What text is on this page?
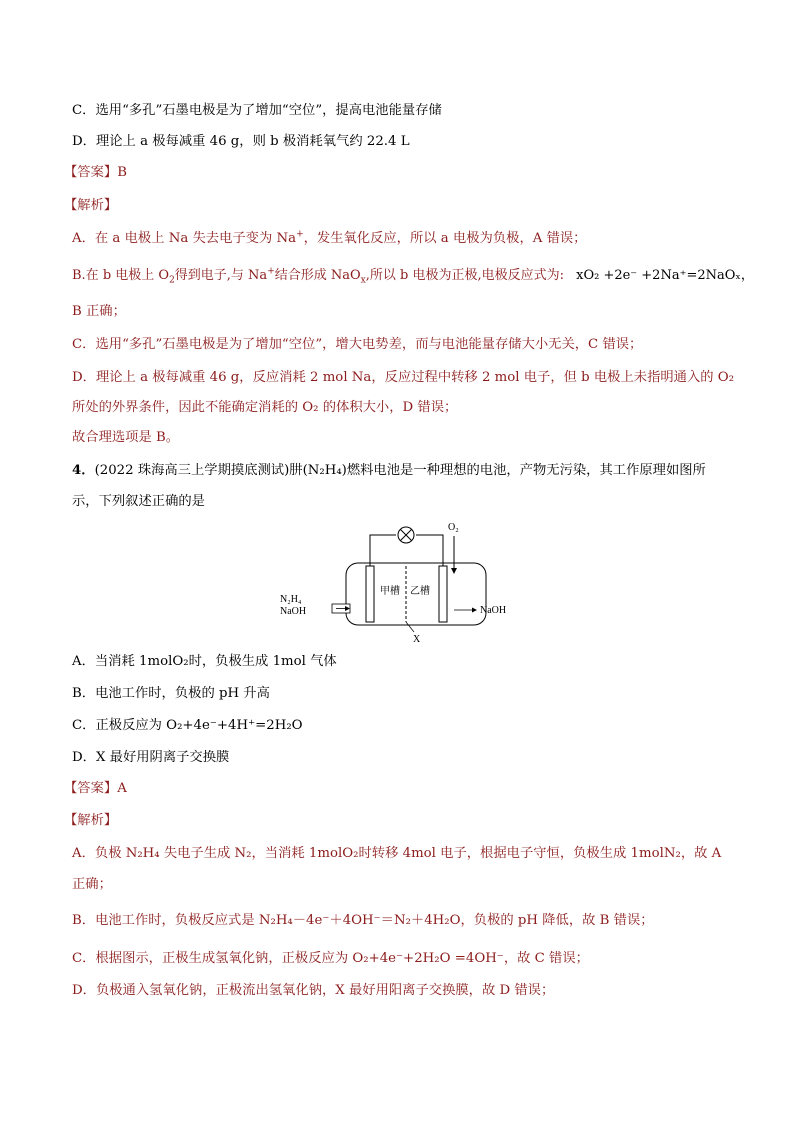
C．选用“多孔”石墨电极是为了增加“空位”，提高电池能量存储
D．理论上 a 极每减重 46 g，则 b 极消耗氧气约 22.4 L
【答案】B
【解析】
A．在 a 电极上 Na 失去电子变为 Na+，发生氧化反应，所以 a 电极为负极，A 错误；
B.在 b 电极上 $O_2$得到电子,与 Na+结合形成 NaO$_x$,所以 b 电极为正极,电极反应式为: xO₂ +2e⁻ +2Na⁺=2NaOₓ，
B 正确；
C．选用“多孔”石墨电极是为了增加“空位”，增大电势差，而与电池能量存储大小无关，C 错误；
D．理论上 a 极每减重 46 g，反应消耗 2 mol Na，反应过程中转移 2 mol 电子，但 b 电极上未指明通入的 O₂
所处的外界条件，因此不能确定消耗的 O₂ 的体积大小，D 错误；
故合理选项是 B。
4．(2022 珠海高三上学期摸底测试)肼(N₂H₄)燃料电池是一种理想的电池，产物无污染，其工作原理如图所
示，下列叙述正确的是
O₂
N₂H₄
NaOH
甲槽 乙槽
NaOH
X
A．当消耗 1molO₂时，负极生成 1mol 气体
B．电池工作时，负极的 pH 升高
C．正极反应为 O₂+4e⁻+4H⁺=2H₂O
D．X 最好用阴离子交换膜
【答案】A
【解析】
A．负极 N₂H₄ 失电子生成 N₂，当消耗 1molO₂时转移 4mol 电子，根据电子守恒，负极生成 1molN₂，故 A
正确；
B．电池工作时，负极反应式是 N₂H₄－4e⁻＋4OH⁻＝N₂＋4H₂O，负极的 pH 降低，故 B 错误；
C．根据图示，正极生成氢氧化钠，正极反应为 O₂+4e⁻+2H₂O =4OH⁻，故 C 错误；
D．负极通入氢氧化钠，正极流出氢氧化钠，X 最好用阳离子交换膜，故 D 错误；
